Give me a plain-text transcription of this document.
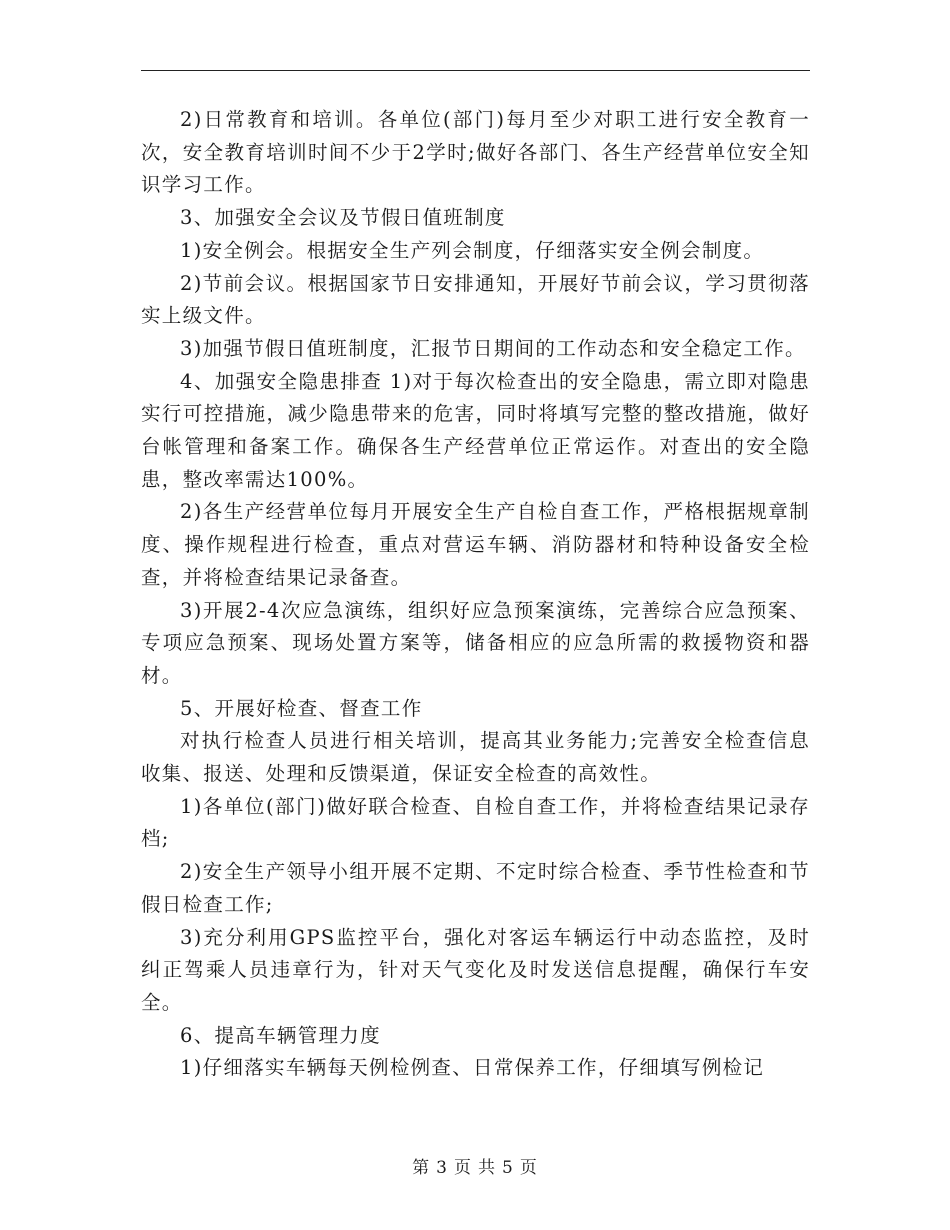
2)日常教育和培训。各单位(部门)每月至少对职工进行安全教育一次，安全教育培训时间不少于2学时;做好各部门、各生产经营单位安全知识学习工作。

3、加强安全会议及节假日值班制度

1)安全例会。根据安全生产列会制度，仔细落实安全例会制度。

2)节前会议。根据国家节日安排通知，开展好节前会议，学习贯彻落实上级文件。

3)加强节假日值班制度，汇报节日期间的工作动态和安全稳定工作。

4、加强安全隐患排查 1)对于每次检查出的安全隐患，需立即对隐患实行可控措施，减少隐患带来的危害，同时将填写完整的整改措施，做好台帐管理和备案工作。确保各生产经营单位正常运作。对查出的安全隐患，整改率需达100%。

2)各生产经营单位每月开展安全生产自检自查工作，严格根据规章制度、操作规程进行检查，重点对营运车辆、消防器材和特种设备安全检查，并将检查结果记录备查。

3)开展2-4次应急演练，组织好应急预案演练，完善综合应急预案、专项应急预案、现场处置方案等，储备相应的应急所需的救援物资和器材。

5、开展好检查、督查工作

对执行检查人员进行相关培训，提高其业务能力;完善安全检查信息收集、报送、处理和反馈渠道，保证安全检查的高效性。

1)各单位(部门)做好联合检查、自检自查工作，并将检查结果记录存档;

2)安全生产领导小组开展不定期、不定时综合检查、季节性检查和节假日检查工作;

3)充分利用GPS监控平台，强化对客运车辆运行中动态监控，及时纠正驾乘人员违章行为，针对天气变化及时发送信息提醒，确保行车安全。

6、提高车辆管理力度

1)仔细落实车辆每天例检例查、日常保养工作，仔细填写例检记

第 3 页 共 5 页
